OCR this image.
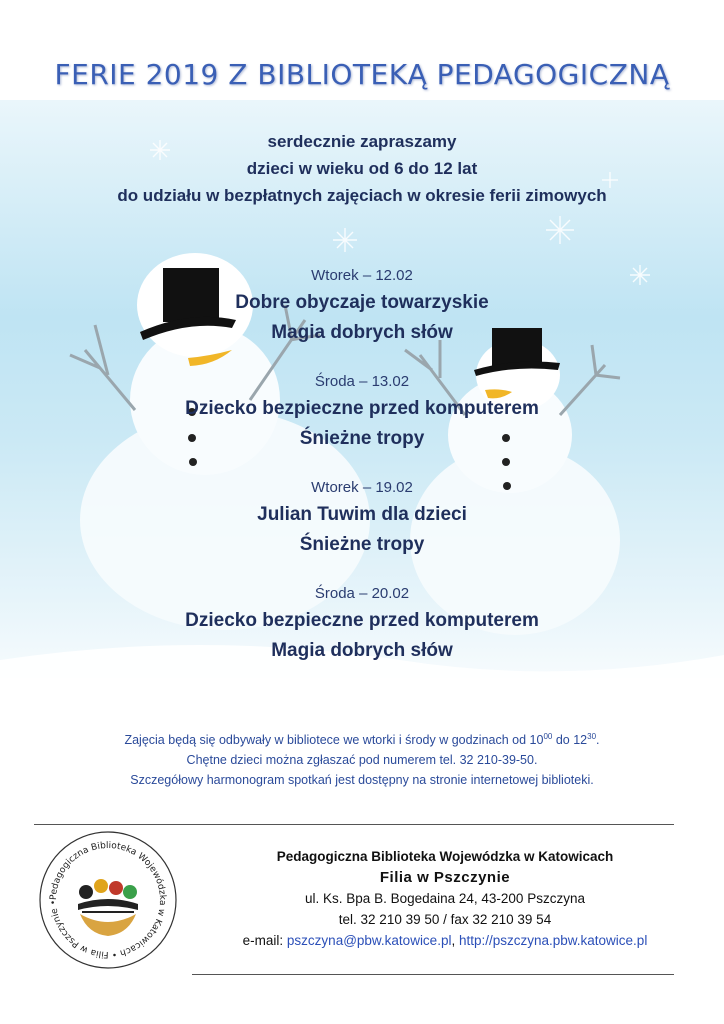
FERIE 2019 Z BIBLIOTEKĄ PEDAGOGICZNĄ
serdecznie zapraszamy
dzieci w wieku od 6 do 12 lat
do udziału w bezpłatnych zajęciach w okresie ferii zimowych
Wtorek – 12.02
Dobre obyczaje towarzyskie
Magia dobrych słów
Środa – 13.02
Dziecko bezpieczne przed komputerem
Śnieżne tropy
Wtorek – 19.02
Julian Tuwim dla dzieci
Śnieżne tropy
Środa – 20.02
Dziecko bezpieczne przed komputerem
Magia dobrych słów
Zajęcia będą się odbywały w bibliotece we wtorki i środy w godzinach od $10^{00}$ do $12^{30}$.
Chętne dzieci można zgłaszać pod numerem tel. 32 210-39-50.
Szczegółowy harmonogram spotkań jest dostępny na stronie internetowej biblioteki.
Pedagogiczna Biblioteka Wojewódzka w Katowicach • Filia w Pszczynie •
Pedagogiczna Biblioteka Wojewódzka w Katowicach
Filia w Pszczynie
ul. Ks. Bpa B. Bogedaina 24, 43-200 Pszczyna
tel. 32 210 39 50 / fax 32 210 39 54
e-mail: pszczyna@pbw.katowice.pl, http://pszczyna.pbw.katowice.pl
